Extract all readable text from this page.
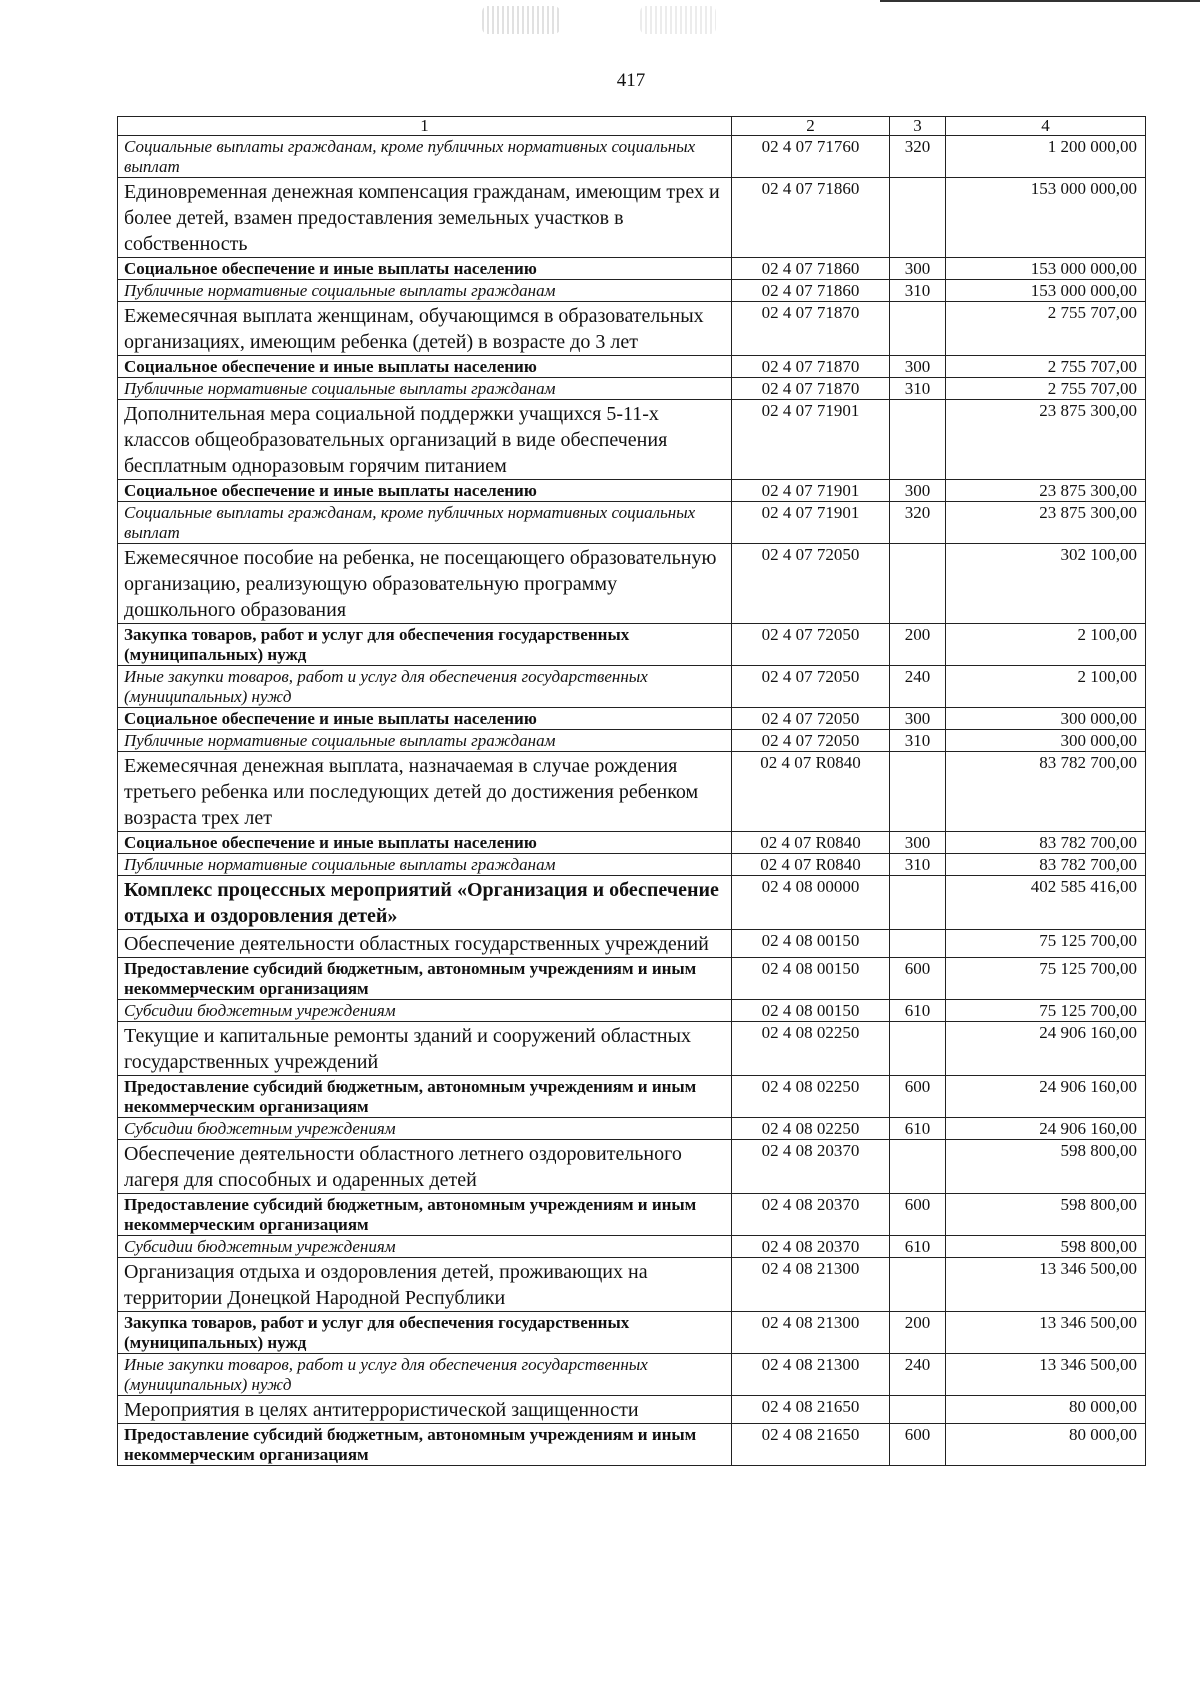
417
1	2	3	4
Социальные выплаты гражданам, кроме публичных нормативных социальных выплат	02 4 07 71760	320	1 200 000,00
Единовременная денежная компенсация гражданам, имеющим трех и более детей, взамен предоставления земельных участков в собственность	02 4 07 71860		153 000 000,00
Социальное обеспечение и иные выплаты населению	02 4 07 71860	300	153 000 000,00
Публичные нормативные социальные выплаты гражданам	02 4 07 71860	310	153 000 000,00
Ежемесячная выплата женщинам, обучающимся в образовательных организациях, имеющим ребенка (детей) в возрасте до 3 лет	02 4 07 71870		2 755 707,00
Социальное обеспечение и иные выплаты населению	02 4 07 71870	300	2 755 707,00
Публичные нормативные социальные выплаты гражданам	02 4 07 71870	310	2 755 707,00
Дополнительная мера социальной поддержки учащихся 5-11-х классов общеобразовательных организаций в виде обеспечения бесплатным одноразовым горячим питанием	02 4 07 71901		23 875 300,00
Социальное обеспечение и иные выплаты населению	02 4 07 71901	300	23 875 300,00
Социальные выплаты гражданам, кроме публичных нормативных социальных выплат	02 4 07 71901	320	23 875 300,00
Ежемесячное пособие на ребенка, не посещающего образовательную организацию, реализующую образовательную программу дошкольного образования	02 4 07 72050		302 100,00
Закупка товаров, работ и услуг для обеспечения государственных (муниципальных) нужд	02 4 07 72050	200	2 100,00
Иные закупки товаров, работ и услуг для обеспечения государственных (муниципальных) нужд	02 4 07 72050	240	2 100,00
Социальное обеспечение и иные выплаты населению	02 4 07 72050	300	300 000,00
Публичные нормативные социальные выплаты гражданам	02 4 07 72050	310	300 000,00
Ежемесячная денежная выплата, назначаемая в случае рождения третьего ребенка или последующих детей до достижения ребенком возраста трех лет	02 4 07 R0840		83 782 700,00
Социальное обеспечение и иные выплаты населению	02 4 07 R0840	300	83 782 700,00
Публичные нормативные социальные выплаты гражданам	02 4 07 R0840	310	83 782 700,00
Комплекс процессных мероприятий «Организация и обеспечение отдыха и оздоровления детей»	02 4 08 00000		402 585 416,00
Обеспечение деятельности областных государственных учреждений	02 4 08 00150		75 125 700,00
Предоставление субсидий бюджетным, автономным учреждениям и иным некоммерческим организациям	02 4 08 00150	600	75 125 700,00
Субсидии бюджетным учреждениям	02 4 08 00150	610	75 125 700,00
Текущие и капитальные ремонты зданий и сооружений областных государственных учреждений	02 4 08 02250		24 906 160,00
Предоставление субсидий бюджетным, автономным учреждениям и иным некоммерческим организациям	02 4 08 02250	600	24 906 160,00
Субсидии бюджетным учреждениям	02 4 08 02250	610	24 906 160,00
Обеспечение деятельности областного летнего оздоровительного лагеря для способных и одаренных детей	02 4 08 20370		598 800,00
Предоставление субсидий бюджетным, автономным учреждениям и иным некоммерческим организациям	02 4 08 20370	600	598 800,00
Субсидии бюджетным учреждениям	02 4 08 20370	610	598 800,00
Организация отдыха и оздоровления детей, проживающих на территории Донецкой Народной Республики	02 4 08 21300		13 346 500,00
Закупка товаров, работ и услуг для обеспечения государственных (муниципальных) нужд	02 4 08 21300	200	13 346 500,00
Иные закупки товаров, работ и услуг для обеспечения государственных (муниципальных) нужд	02 4 08 21300	240	13 346 500,00
Мероприятия в целях антитеррористической защищенности	02 4 08 21650		80 000,00
Предоставление субсидий бюджетным, автономным учреждениям и иным некоммерческим организациям	02 4 08 21650	600	80 000,00
